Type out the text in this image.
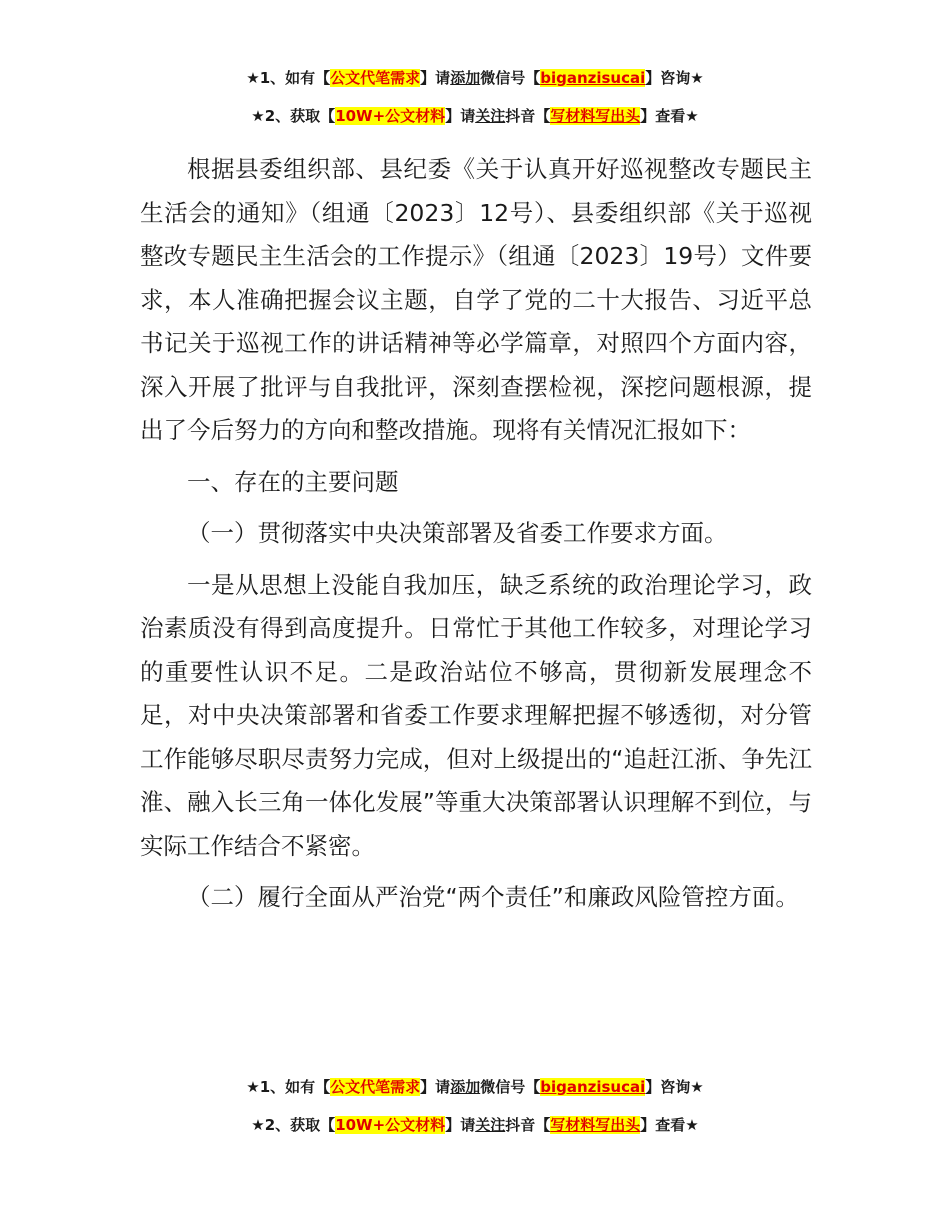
★1、如有【公文代笔需求】请添加微信号【biganzisucai】咨询★
★2、获取【10W+公文材料】请关注抖音【写材料写出头】查看★

根据县委组织部、县纪委《关于认真开好巡视整改专题民主生活会的通知》（组通〔2023〕12号）、县委组织部《关于巡视整改专题民主生活会的工作提示》（组通〔2023〕19号）文件要求，本人准确把握会议主题，自学了党的二十大报告、习近平总书记关于巡视工作的讲话精神等必学篇章，对照四个方面内容，深入开展了批评与自我批评，深刻查摆检视，深挖问题根源，提出了今后努力的方向和整改措施。现将有关情况汇报如下：

一、存在的主要问题

（一）贯彻落实中央决策部署及省委工作要求方面。

一是从思想上没能自我加压，缺乏系统的政治理论学习，政治素质没有得到高度提升。日常忙于其他工作较多，对理论学习的重要性认识不足。二是政治站位不够高，贯彻新发展理念不足，对中央决策部署和省委工作要求理解把握不够透彻，对分管工作能够尽职尽责努力完成，但对上级提出的“追赶江浙、争先江淮、融入长三角一体化发展”等重大决策部署认识理解不到位，与实际工作结合不紧密。

（二）履行全面从严治党“两个责任”和廉政风险管控方面。

★1、如有【公文代笔需求】请添加微信号【biganzisucai】咨询★
★2、获取【10W+公文材料】请关注抖音【写材料写出头】查看★
